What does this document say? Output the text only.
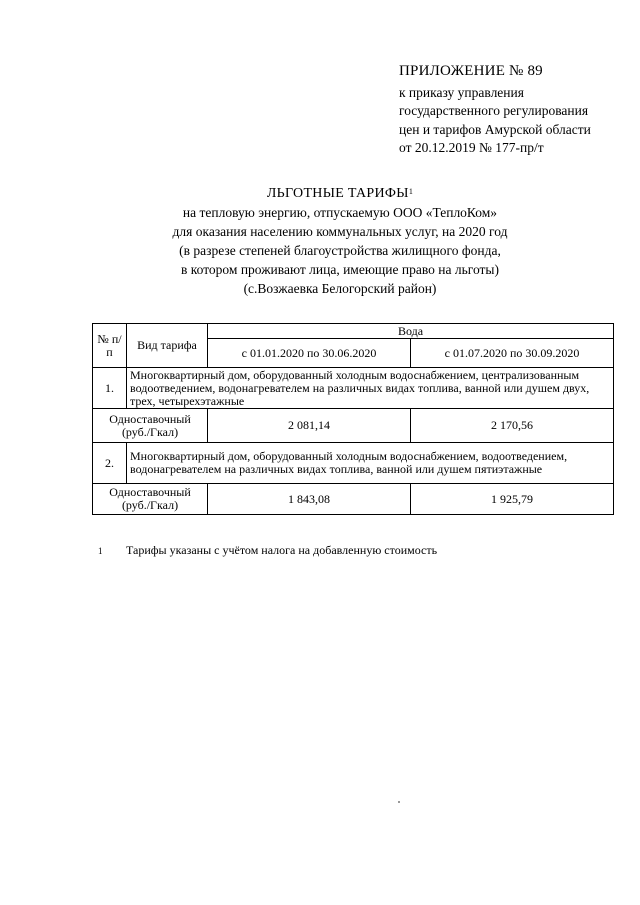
ПРИЛОЖЕНИЕ № 89
к приказу управления
государственного регулирования
цен и тарифов Амурской области
от 20.12.2019 № 177-пр/т
ЛЬГОТНЫЕ ТАРИФЫ$^1$
на тепловую энергию, отпускаемую ООО «ТеплоКом»
для оказания населению коммунальных услуг, на 2020 год
(в разрезе степеней благоустройства жилищного фонда,
в котором проживают лица, имеющие право на льготы)
(с.Возжаевка Белогорский район)
№ п/п	Вид тарифа	Вода	
		с 01.01.2020 по 30.06.2020	с 01.07.2020 по 30.09.2020
1.	Многоквартирный дом, оборудованный холодным водоснабжением, централизованным водоотведением, водонагревателем на различных видах топлива, ванной или душем двух, трех, четырехэтажные		
Одноставочный (руб./Гкал)		2 081,14	2 170,56
2.	Многоквартирный дом, оборудованный холодным водоснабжением, водоотведением, водонагревателем на различных видах топлива, ванной или душем пятиэтажные		
Одноставочный (руб./Гкал)		1 843,08	1 925,79
1 Тарифы указаны с учётом налога на добавленную стоимость
